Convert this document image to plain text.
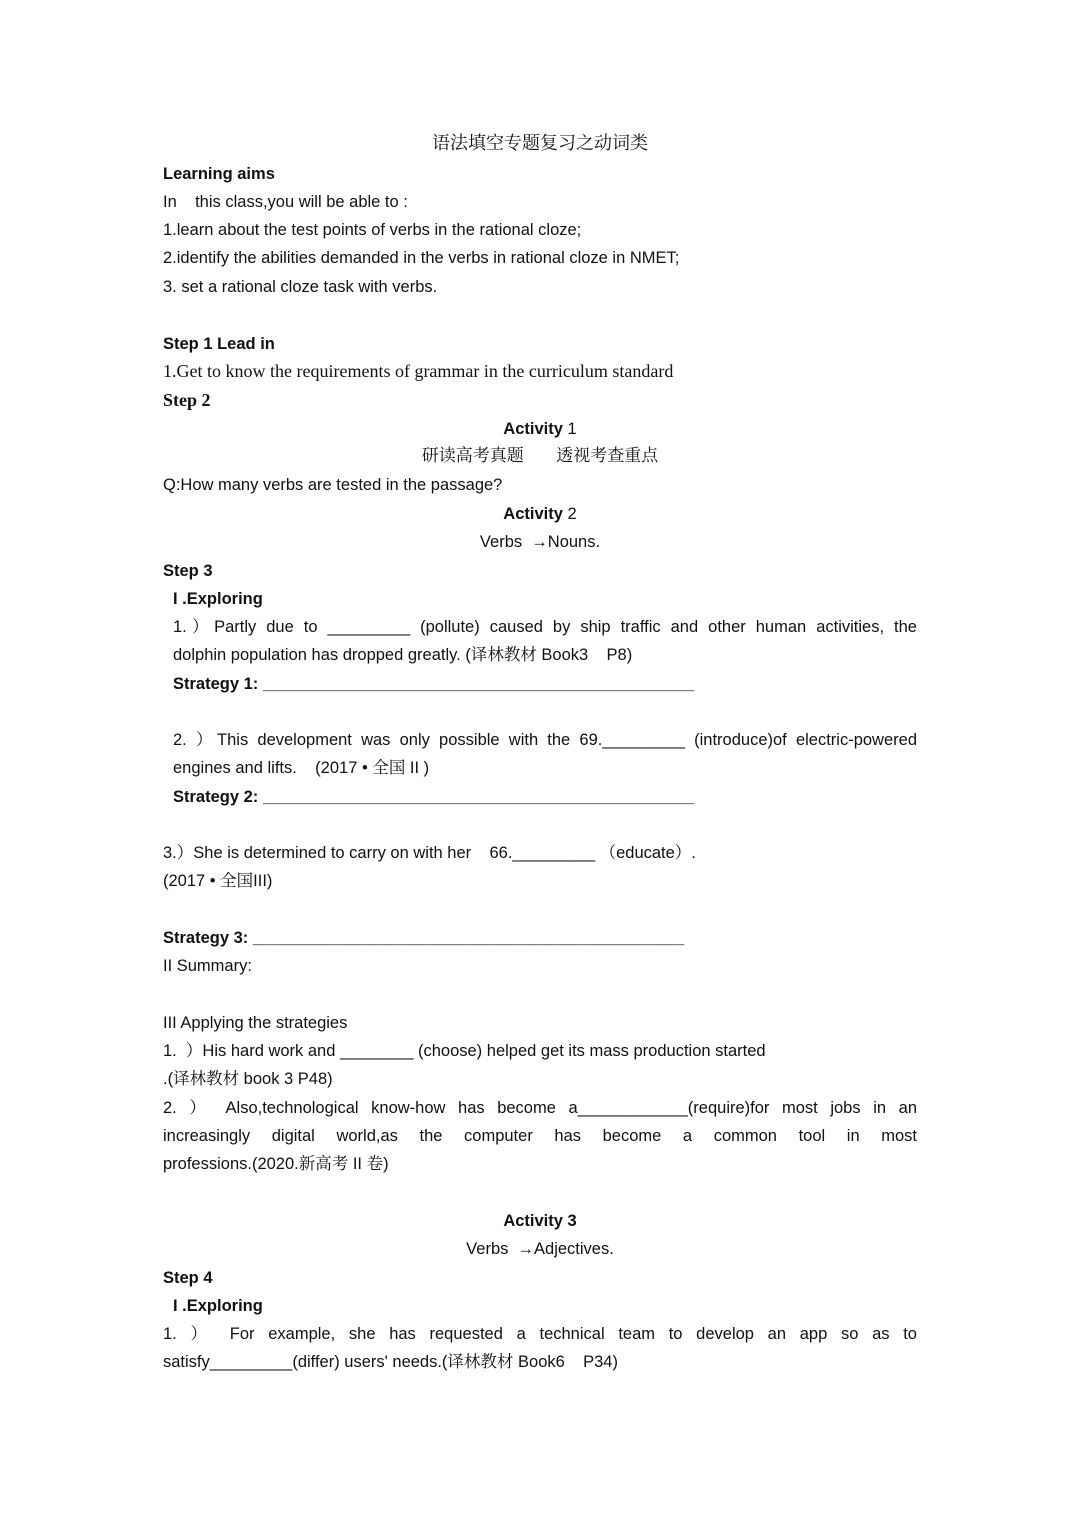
语法填空专题复习之动词类
Learning aims
In    this class,you will be able to :
1.learn about the test points of verbs in the rational cloze;
2.identify the abilities demanded in the verbs in rational cloze in NMET;
3. set a rational cloze task with verbs.
Step 1 Lead in
1.Get to know the requirements of grammar in the curriculum standard
Step 2
Activity 1
研读高考真题      透视考查重点
Q:How many verbs are tested in the passage?
Activity 2
Verbs  →Nouns.
Step 3
I .Exploring
1.）Partly due to _________ (pollute) caused by ship traffic and other human activities, the
dolphin population has dropped greatly. (译林教材 Book3    P8)
Strategy 1: _______________________________________________
2. ）This development was only possible with the 69._________ (introduce)of electric-powered
engines and lifts.    (2017 • 全国 II )
Strategy 2: _______________________________________________
3.）She is determined to carry on with her    66._________ （educate）.
(2017 • 全国III)
Strategy 3: _______________________________________________
II Summary:
III Applying the strategies
1.  ）His hard work and ________ (choose) helped get its mass production started
.(译林教材 book 3 P48)
2. ） Also,technological know-how has become a____________(require)for most jobs in an
increasingly digital world,as the computer has become a common tool in most
professions.(2020.新高考 II 卷)
Activity 3
Verbs  →Adjectives.
Step 4
I .Exploring
1. ） For example, she has requested a technical team to develop an app so as to
satisfy_________(differ) users' needs.(译林教材 Book6    P34)
